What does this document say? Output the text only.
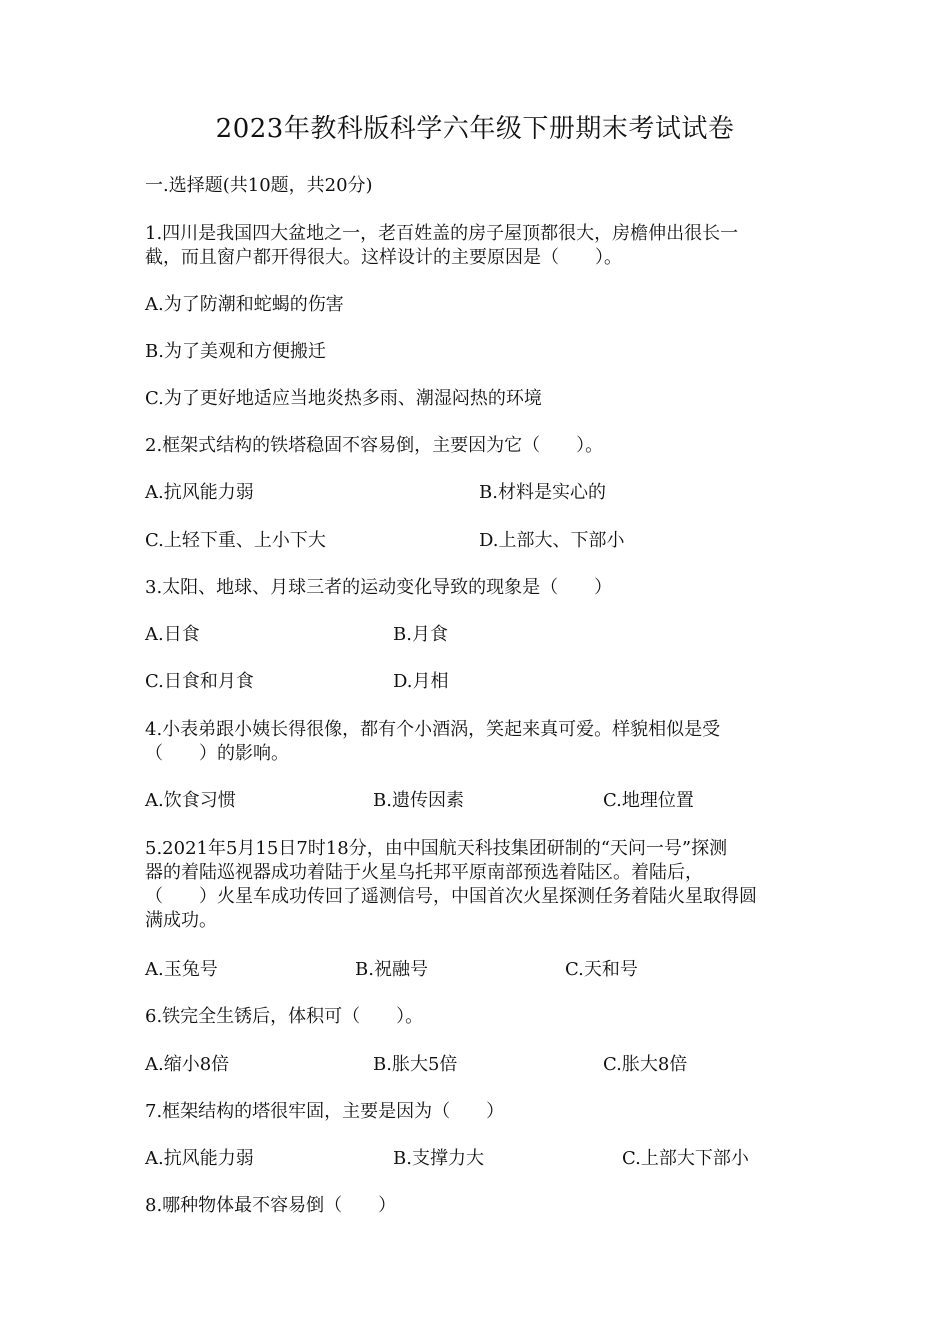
2023年教科版科学六年级下册期末考试试卷
一.选择题(共10题，共20分)
1.四川是我国四大盆地之一，老百姓盖的房子屋顶都很大，房檐伸出很长一
截，而且窗户都开得很大。这样设计的主要原因是（　　）。
A.为了防潮和蛇蝎的伤害
B.为了美观和方便搬迁
C.为了更好地适应当地炎热多雨、潮湿闷热的环境
2.框架式结构的铁塔稳固不容易倒，主要因为它（　　）。
A.抗风能力弱	B.材料是实心的
C.上轻下重、上小下大	D.上部大、下部小
3.太阳、地球、月球三者的运动变化导致的现象是（　　）
A.日食	B.月食
C.日食和月食	D.月相
4.小表弟跟小姨长得很像，都有个小酒涡，笑起来真可爱。样貌相似是受
（　　）的影响。
A.饮食习惯	B.遗传因素	C.地理位置
5.2021年5月15日7时18分，由中国航天科技集团研制的“天问一号”探测
器的着陆巡视器成功着陆于火星乌托邦平原南部预选着陆区。着陆后，
（　　）火星车成功传回了遥测信号，中国首次火星探测任务着陆火星取得圆
满成功。
A.玉兔号	B.祝融号	C.天和号
6.铁完全生锈后，体积可（　　）。
A.缩小8倍	B.胀大5倍	C.胀大8倍
7.框架结构的塔很牢固，主要是因为（　　）
A.抗风能力弱	B.支撑力大	C.上部大下部小
8.哪种物体最不容易倒（　　）
